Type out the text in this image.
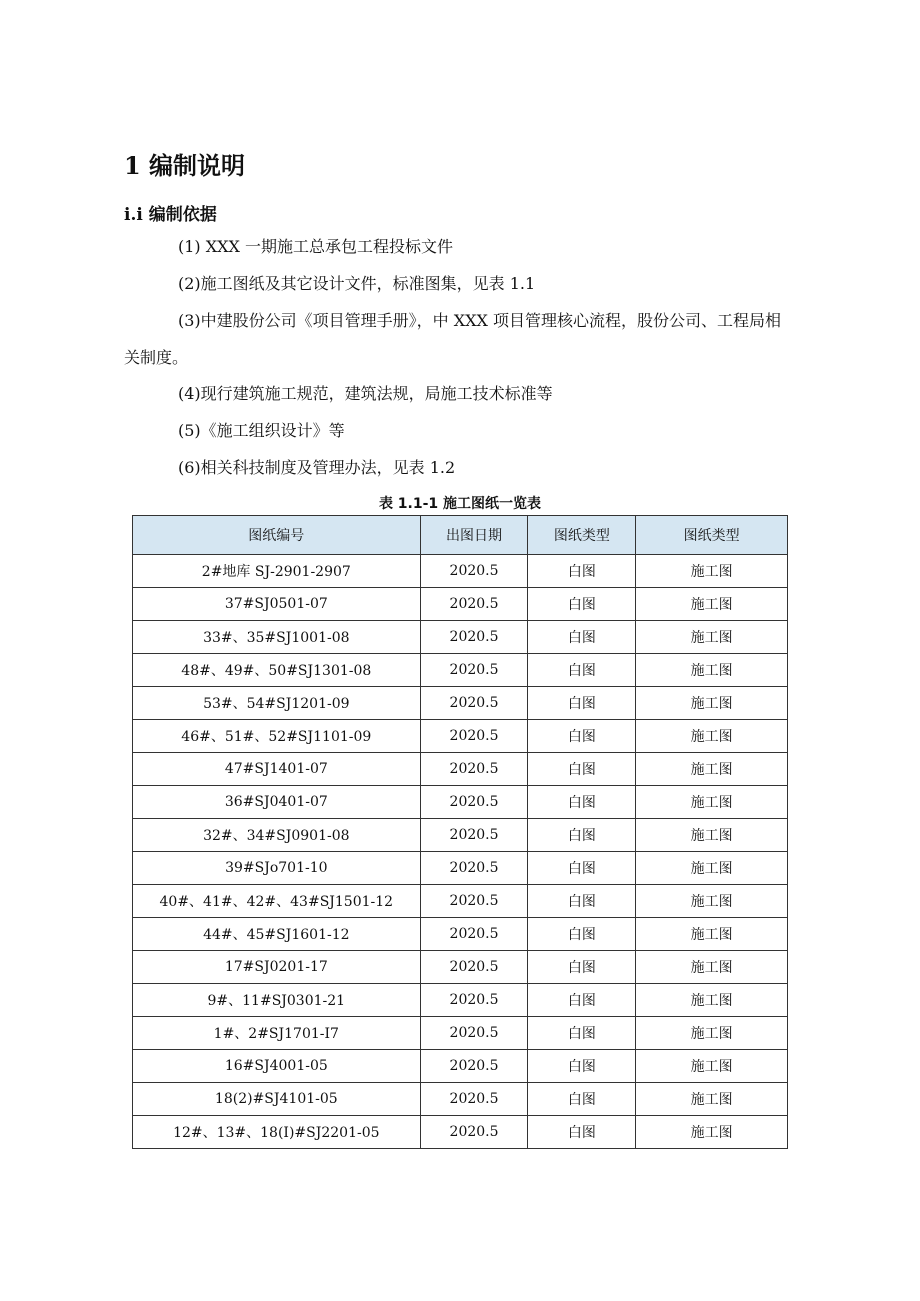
1 编制说明
i.i 编制依据
(1) XXX 一期施工总承包工程投标文件
(2)施工图纸及其它设计文件，标准图集，见表 1.1
(3)中建股份公司《项目管理手册》，中 XXX 项目管理核心流程，股份公司、工程局相
关制度。
(4)现行建筑施工规范，建筑法规，局施工技术标准等
(5)《施工组织设计》等
(6)相关科技制度及管理办法，见表 1.2
表 1.1-1 施工图纸一览表
图纸编号	出图日期	图纸类型	图纸类型
2#地库 SJ-2901-2907	2020.5	白图	施工图
37#SJ0501-07	2020.5	白图	施工图
33#、35#SJ1001-08	2020.5	白图	施工图
48#、49#、50#SJ1301-08	2020.5	白图	施工图
53#、54#SJ1201-09	2020.5	白图	施工图
46#、51#、52#SJ1101-09	2020.5	白图	施工图
47#SJ1401-07	2020.5	白图	施工图
36#SJ0401-07	2020.5	白图	施工图
32#、34#SJ0901-08	2020.5	白图	施工图
39#SJo701-10	2020.5	白图	施工图
40#、41#、42#、43#SJ1501-12	2020.5	白图	施工图
44#、45#SJ1601-12	2020.5	白图	施工图
17#SJ0201-17	2020.5	白图	施工图
9#、11#SJ0301-21	2020.5	白图	施工图
1#、2#SJ1701-I7	2020.5	白图	施工图
16#SJ4001-05	2020.5	白图	施工图
18(2)#SJ4101-05	2020.5	白图	施工图
12#、13#、18(I)#SJ2201-05	2020.5	白图	施工图
